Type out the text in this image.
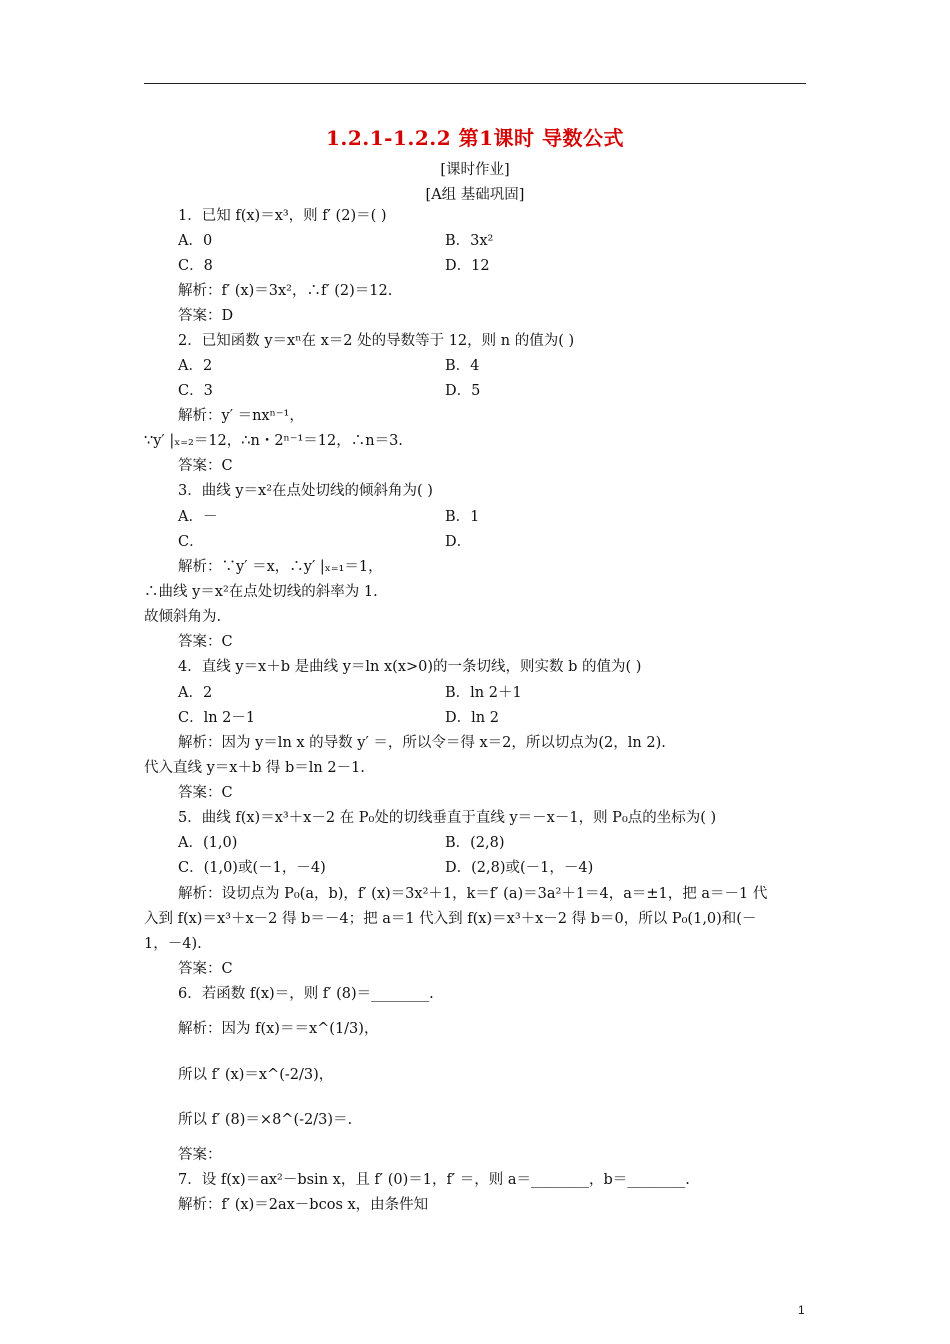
1.2.1-1.2.2 第1课时 导数公式
[课时作业]
[A组 基础巩固]
1．已知 f(x)＝x³，则 f′ (2)＝( )
A．0	B．3x²
C．8	D．12
解析：f′ (x)＝3x²，∴f′ (2)＝12.
答案：D
2．已知函数 y＝xⁿ在 x＝2 处的导数等于 12，则 n 的值为( )
A．2	B．4
C．3	D．5
解析：y′ ＝nxⁿ⁻¹，
∵y′ |ₓ₌₂＝12，∴n・2ⁿ⁻¹＝12，∴n＝3.
答案：C
3．曲线 y＝x²在点处切线的倾斜角为( )
A．－	B．1
C．	D．
解析：∵y′ ＝x，∴y′ |ₓ₌₁＝1，
∴曲线 y＝x²在点处切线的斜率为 1.
故倾斜角为.
答案：C
4．直线 y＝x＋b 是曲线 y＝ln x(x>0)的一条切线，则实数 b 的值为( )
A．2	B．ln 2＋1
C．ln 2－1	D．ln 2
解析：因为 y＝ln x 的导数 y′ ＝，所以令＝得 x＝2，所以切点为(2，ln 2).
代入直线 y＝x＋b 得 b＝ln 2－1.
答案：C
5．曲线 f(x)＝x³＋x－2 在 P₀处的切线垂直于直线 y＝－x－1，则 P₀点的坐标为( )
A．(1,0)	B．(2,8)
C．(1,0)或(－1，－4)	D．(2,8)或(－1，－4)
解析：设切点为 P₀(a，b)，f′ (x)＝3x²＋1，k＝f′ (a)＝3a²＋1＝4，a＝±1，把 a＝－1 代
入到 f(x)＝x³＋x－2 得 b＝－4；把 a＝1 代入到 f(x)＝x³＋x－2 得 b＝0，所以 P₀(1,0)和(－
1，－4).
答案：C
6．若函数 f(x)＝，则 f′ (8)＝________.
解析：因为 f(x)＝＝x^(1/3)，
所以 f′ (x)＝x^(-2/3)，
所以 f′ (8)＝×8^(-2/3)＝.
答案：
7．设 f(x)＝ax²－bsin x，且 f′ (0)＝1，f′ ＝，则 a＝________，b＝________.
解析：f′ (x)＝2ax－bcos x，由条件知
1
